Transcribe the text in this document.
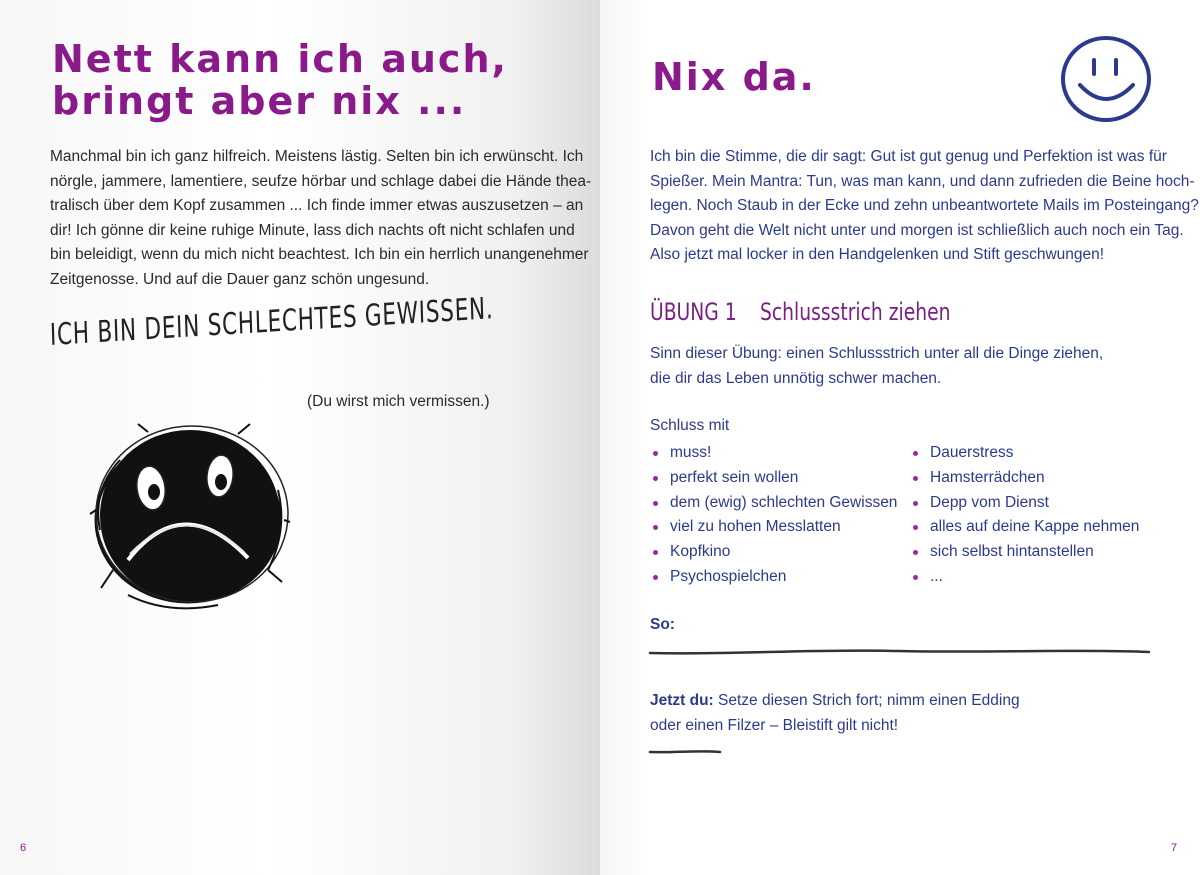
Nett kann ich auch,
bringt aber nix ...

Manchmal bin ich ganz hilfreich. Meistens lästig. Selten bin ich erwünscht. Ich
nörgle, jammere, lamentiere, seufze hörbar und schlage dabei die Hände thea-
tralisch über dem Kopf zusammen ... Ich finde immer etwas auszusetzen – an
dir! Ich gönne dir keine ruhige Minute, lass dich nachts oft nicht schlafen und
bin beleidigt, wenn du mich nicht beachtest. Ich bin ein herrlich unangenehmer
Zeitgenosse. Und auf die Dauer ganz schön ungesund.

ICH BIN DEIN SCHLECHTES GEWISSEN.

(Du wirst mich vermissen.)

6
Nix da.

Ich bin die Stimme, die dir sagt: Gut ist gut genug und Perfektion ist was für
Spießer. Mein Mantra: Tun, was man kann, und dann zufrieden die Beine hoch-
legen. Noch Staub in der Ecke und zehn unbeantwortete Mails im Posteingang?
Davon geht die Welt nicht unter und morgen ist schließlich auch noch ein Tag.
Also jetzt mal locker in den Handgelenken und Stift geschwungen!

ÜBUNG 1 Schlussstrich ziehen

Sinn dieser Übung: einen Schlussstrich unter all die Dinge ziehen,
die dir das Leben unnötig schwer machen.

Schluss mit

muss!
perfekt sein wollen
dem (ewig) schlechten Gewissen
viel zu hohen Messlatten
Kopfkino
Psychospielchen
Dauerstress
Hamsterrädchen
Depp vom Dienst
alles auf deine Kappe nehmen
sich selbst hintanstellen
...

So:

Jetzt du: Setze diesen Strich fort; nimm einen Edding
oder einen Filzer – Bleistift gilt nicht!

7
